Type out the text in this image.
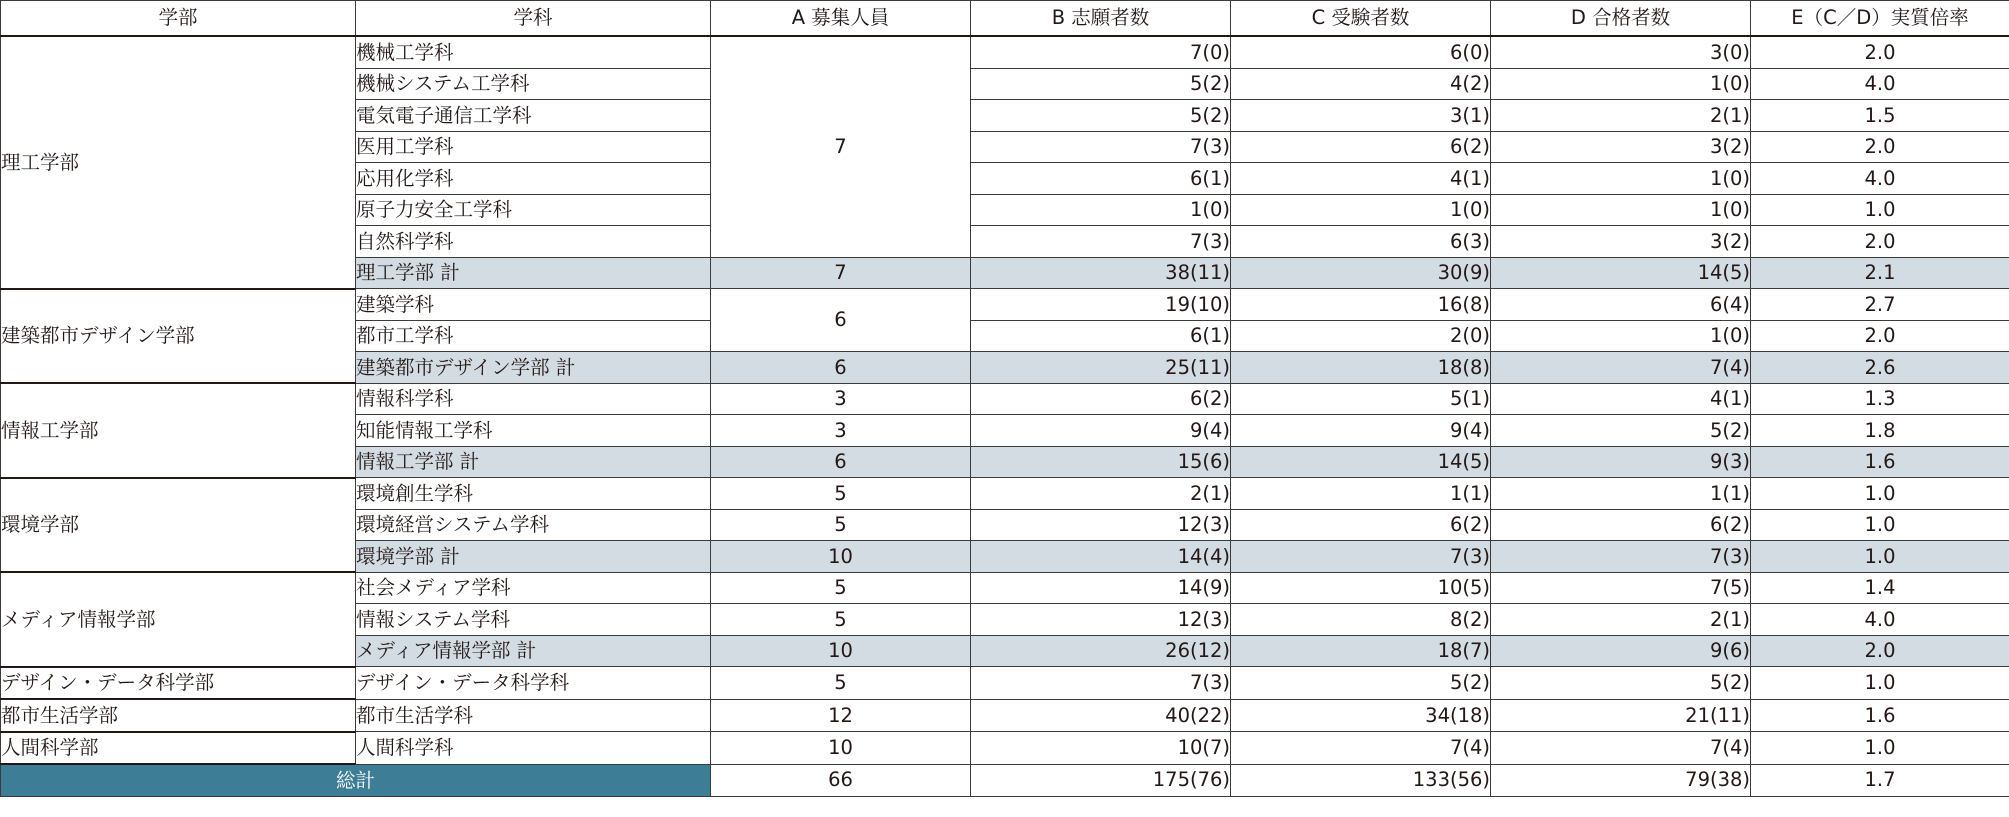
学部	学科	A 募集人員	B 志願者数	C 受験者数	D 合格者数	E（C／D）実質倍率
理工学部	機械工学科	7	7(0)	6(0)	3(0)	2.0
	機械システム工学科		5(2)	4(2)	1(0)	4.0
	電気電子通信工学科		5(2)	3(1)	2(1)	1.5
	医用工学科		7(3)	6(2)	3(2)	2.0
	応用化学科		6(1)	4(1)	1(0)	4.0
	原子力安全工学科		1(0)	1(0)	1(0)	1.0
	自然科学科		7(3)	6(3)	3(2)	2.0
	理工学部 計	7	38(11)	30(9)	14(5)	2.1
建築都市デザイン学部	建築学科	6	19(10)	16(8)	6(4)	2.7
	都市工学科		6(1)	2(0)	1(0)	2.0
	建築都市デザイン学部 計	6	25(11)	18(8)	7(4)	2.6
情報工学部	情報科学科	3	6(2)	5(1)	4(1)	1.3
	知能情報工学科	3	9(4)	9(4)	5(2)	1.8
	情報工学部 計	6	15(6)	14(5)	9(3)	1.6
環境学部	環境創生学科	5	2(1)	1(1)	1(1)	1.0
	環境経営システム学科	5	12(3)	6(2)	6(2)	1.0
	環境学部 計	10	14(4)	7(3)	7(3)	1.0
メディア情報学部	社会メディア学科	5	14(9)	10(5)	7(5)	1.4
	情報システム学科	5	12(3)	8(2)	2(1)	4.0
	メディア情報学部 計	10	26(12)	18(7)	9(6)	2.0
デザイン・データ科学部	デザイン・データ科学科	5	7(3)	5(2)	5(2)	1.0
都市生活学部	都市生活学科	12	40(22)	34(18)	21(11)	1.6
人間科学部	人間科学科	10	10(7)	7(4)	7(4)	1.0
総計		66	175(76)	133(56)	79(38)	1.7
